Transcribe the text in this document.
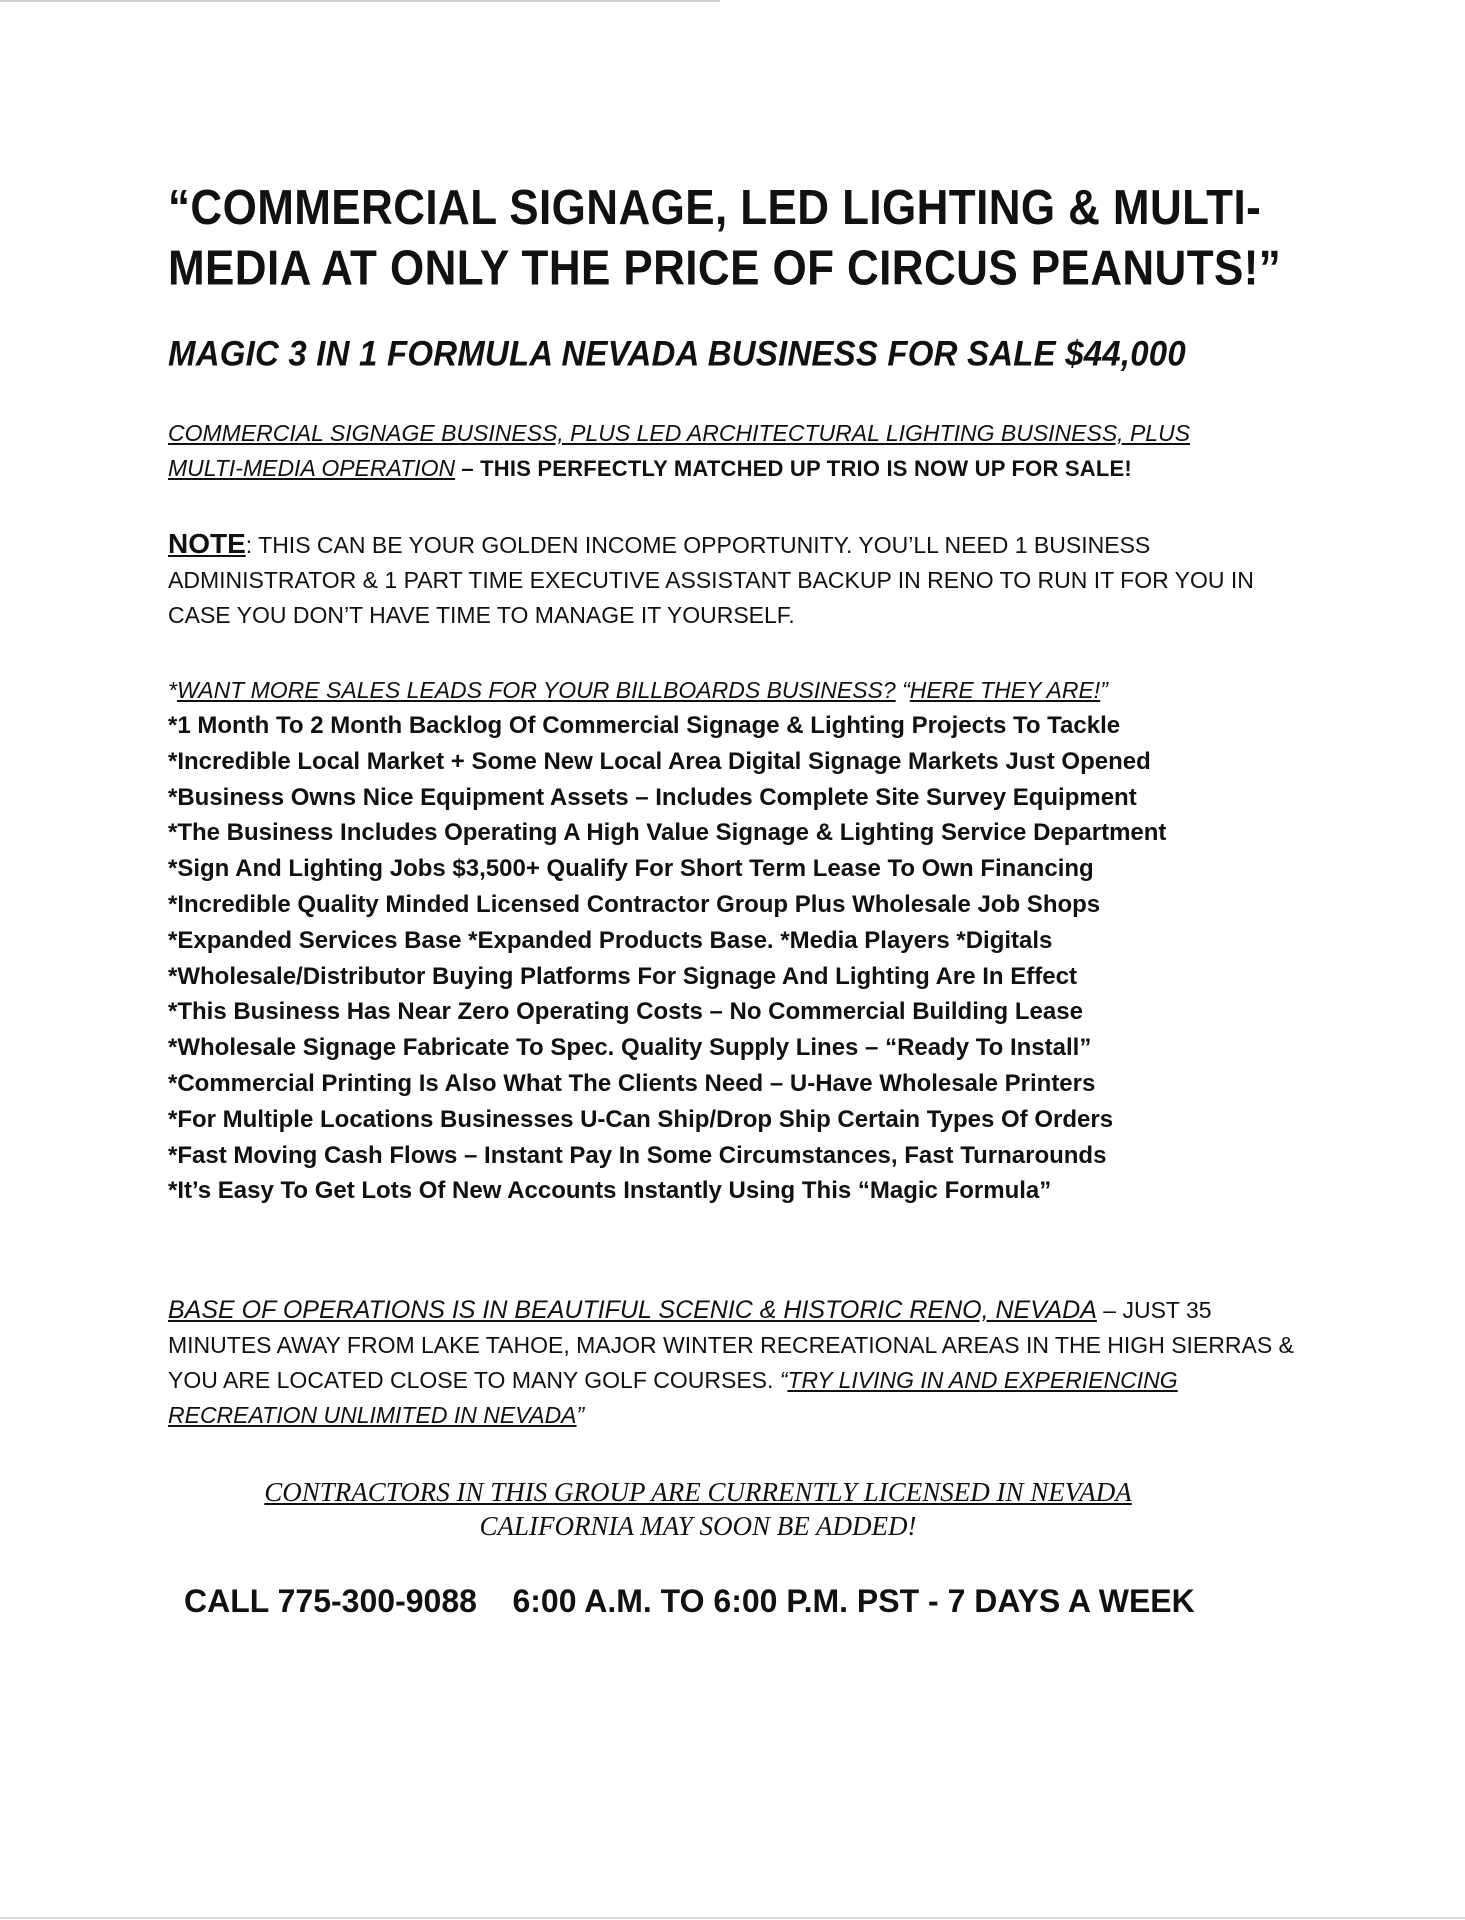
“COMMERCIAL SIGNAGE, LED LIGHTING & MULTI-
MEDIA AT ONLY THE PRICE OF CIRCUS PEANUTS!”
MAGIC 3 IN 1 FORMULA NEVADA BUSINESS FOR SALE $44,000

COMMERCIAL SIGNAGE BUSINESS, PLUS LED ARCHITECTURAL LIGHTING BUSINESS, PLUS
MULTI-MEDIA OPERATION – THIS PERFECTLY MATCHED UP TRIO IS NOW UP FOR SALE!

NOTE: THIS CAN BE YOUR GOLDEN INCOME OPPORTUNITY. YOU’LL NEED 1 BUSINESS ADMINISTRATOR & 1 PART TIME EXECUTIVE ASSISTANT BACKUP IN RENO TO RUN IT FOR YOU IN CASE YOU DON’T HAVE TIME TO MANAGE IT YOURSELF.

*WANT MORE SALES LEADS FOR YOUR BILLBOARDS BUSINESS? “HERE THEY ARE!”

*1 Month To 2 Month Backlog Of Commercial Signage & Lighting Projects To Tackle

*Incredible Local Market + Some New Local Area Digital Signage Markets Just Opened

*Business Owns Nice Equipment Assets – Includes Complete Site Survey Equipment

*The Business Includes Operating A High Value Signage & Lighting Service Department

*Sign And Lighting Jobs $3,500+ Qualify For Short Term Lease To Own Financing

*Incredible Quality Minded Licensed Contractor Group Plus Wholesale Job Shops

*Expanded Services Base *Expanded Products Base. *Media Players *Digitals

*Wholesale/Distributor Buying Platforms For Signage And Lighting Are In Effect

*This Business Has Near Zero Operating Costs – No Commercial Building Lease

*Wholesale Signage Fabricate To Spec. Quality Supply Lines – “Ready To Install”

*Commercial Printing Is Also What The Clients Need – U-Have Wholesale Printers

*For Multiple Locations Businesses U-Can Ship/Drop Ship Certain Types Of Orders

*Fast Moving Cash Flows – Instant Pay In Some Circumstances, Fast Turnarounds

*It’s Easy To Get Lots Of New Accounts Instantly Using This “Magic Formula”

BASE OF OPERATIONS IS IN BEAUTIFUL SCENIC & HISTORIC RENO, NEVADA – JUST 35 MINUTES AWAY FROM LAKE TAHOE, MAJOR WINTER RECREATIONAL AREAS IN THE HIGH SIERRAS & YOU ARE LOCATED CLOSE TO MANY GOLF COURSES. “TRY LIVING IN AND EXPERIENCING RECREATION UNLIMITED IN NEVADA”

CONTRACTORS IN THIS GROUP ARE CURRENTLY LICENSED IN NEVADA
CALIFORNIA MAY SOON BE ADDED!
CALL 775-300-9088 6:00 A.M. TO 6:00 P.M. PST - 7 DAYS A WEEK
